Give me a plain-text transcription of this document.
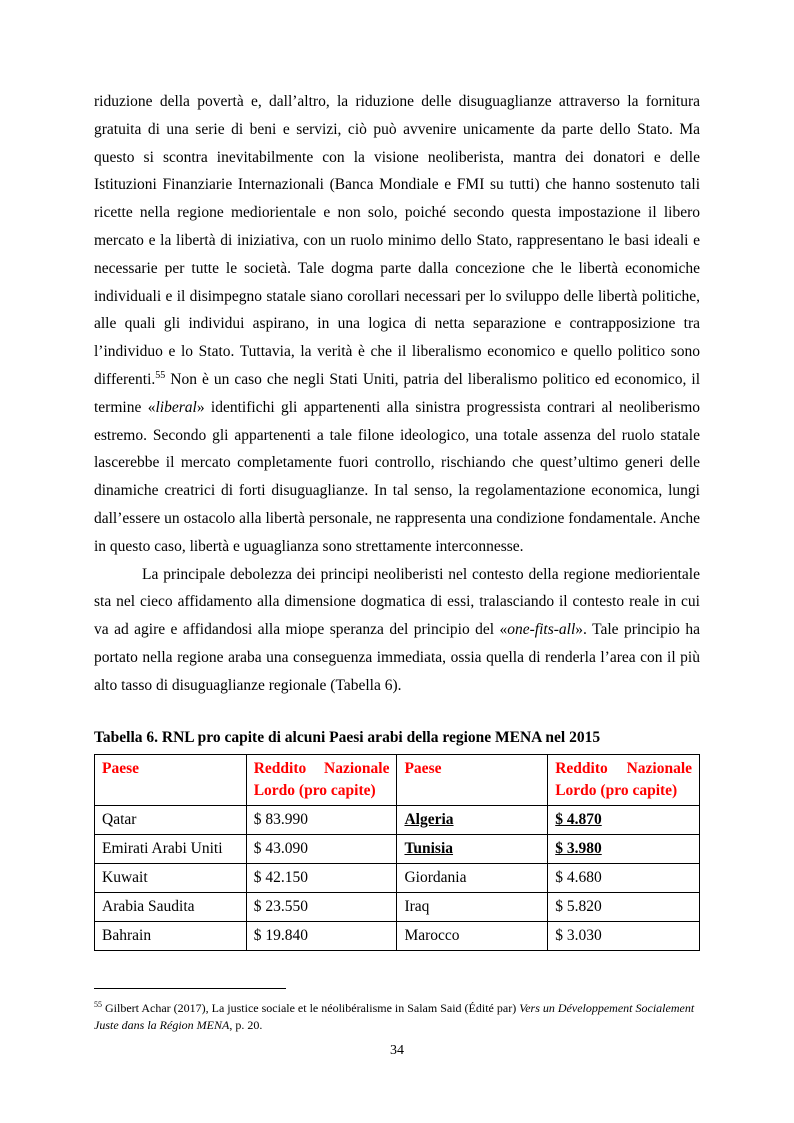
riduzione della povertà e, dall’altro, la riduzione delle disuguaglianze attraverso la fornitura gratuita di una serie di beni e servizi, ciò può avvenire unicamente da parte dello Stato. Ma questo si scontra inevitabilmente con la visione neoliberista, mantra dei donatori e delle Istituzioni Finanziarie Internazionali (Banca Mondiale e FMI su tutti) che hanno sostenuto tali ricette nella regione mediorientale e non solo, poiché secondo questa impostazione il libero mercato e la libertà di iniziativa, con un ruolo minimo dello Stato, rappresentano le basi ideali e necessarie per tutte le società. Tale dogma parte dalla concezione che le libertà economiche individuali e il disimpegno statale siano corollari necessari per lo sviluppo delle libertà politiche, alle quali gli individui aspirano, in una logica di netta separazione e contrapposizione tra l’individuo e lo Stato. Tuttavia, la verità è che il liberalismo economico e quello politico sono differenti.$^{55}$ Non è un caso che negli Stati Uniti, patria del liberalismo politico ed economico, il termine «liberal» identifichi gli appartenenti alla sinistra progressista contrari al neoliberismo estremo. Secondo gli appartenenti a tale filone ideologico, una totale assenza del ruolo statale lascerebbe il mercato completamente fuori controllo, rischiando che quest’ultimo generi delle dinamiche creatrici di forti disuguaglianze. In tal senso, la regolamentazione economica, lungi dall’essere un ostacolo alla libertà personale, ne rappresenta una condizione fondamentale. Anche in questo caso, libertà e uguaglianza sono strettamente interconnesse.

La principale debolezza dei principi neoliberisti nel contesto della regione mediorientale sta nel cieco affidamento alla dimensione dogmatica di essi, tralasciando il contesto reale in cui va ad agire e affidandosi alla miope speranza del principio del «one-fits-all». Tale principio ha portato nella regione araba una conseguenza immediata, ossia quella di renderla l’area con il più alto tasso di disuguaglianze regionale (Tabella 6).

Tabella 6. RNL pro capite di alcuni Paesi arabi della regione MENA nel 2015
Paese	Reddito Nazionale Lordo (pro capite)	Paese	Reddito Nazionale Lordo (pro capite)
Qatar	$ 83.990	Algeria	$ 4.870
Emirati Arabi Uniti	$ 43.090	Tunisia	$ 3.980
Kuwait	$ 42.150	Giordania	$ 4.680
Arabia Saudita	$ 23.550	Iraq	$ 5.820
Bahrain	$ 19.840	Marocco	$ 3.030
$^{55}$ Gilbert Achar (2017), La justice sociale et le néolibéralisme in Salam Said (Édité par) Vers un Développement Socialement Juste dans la Région MENA, p. 20.
34
